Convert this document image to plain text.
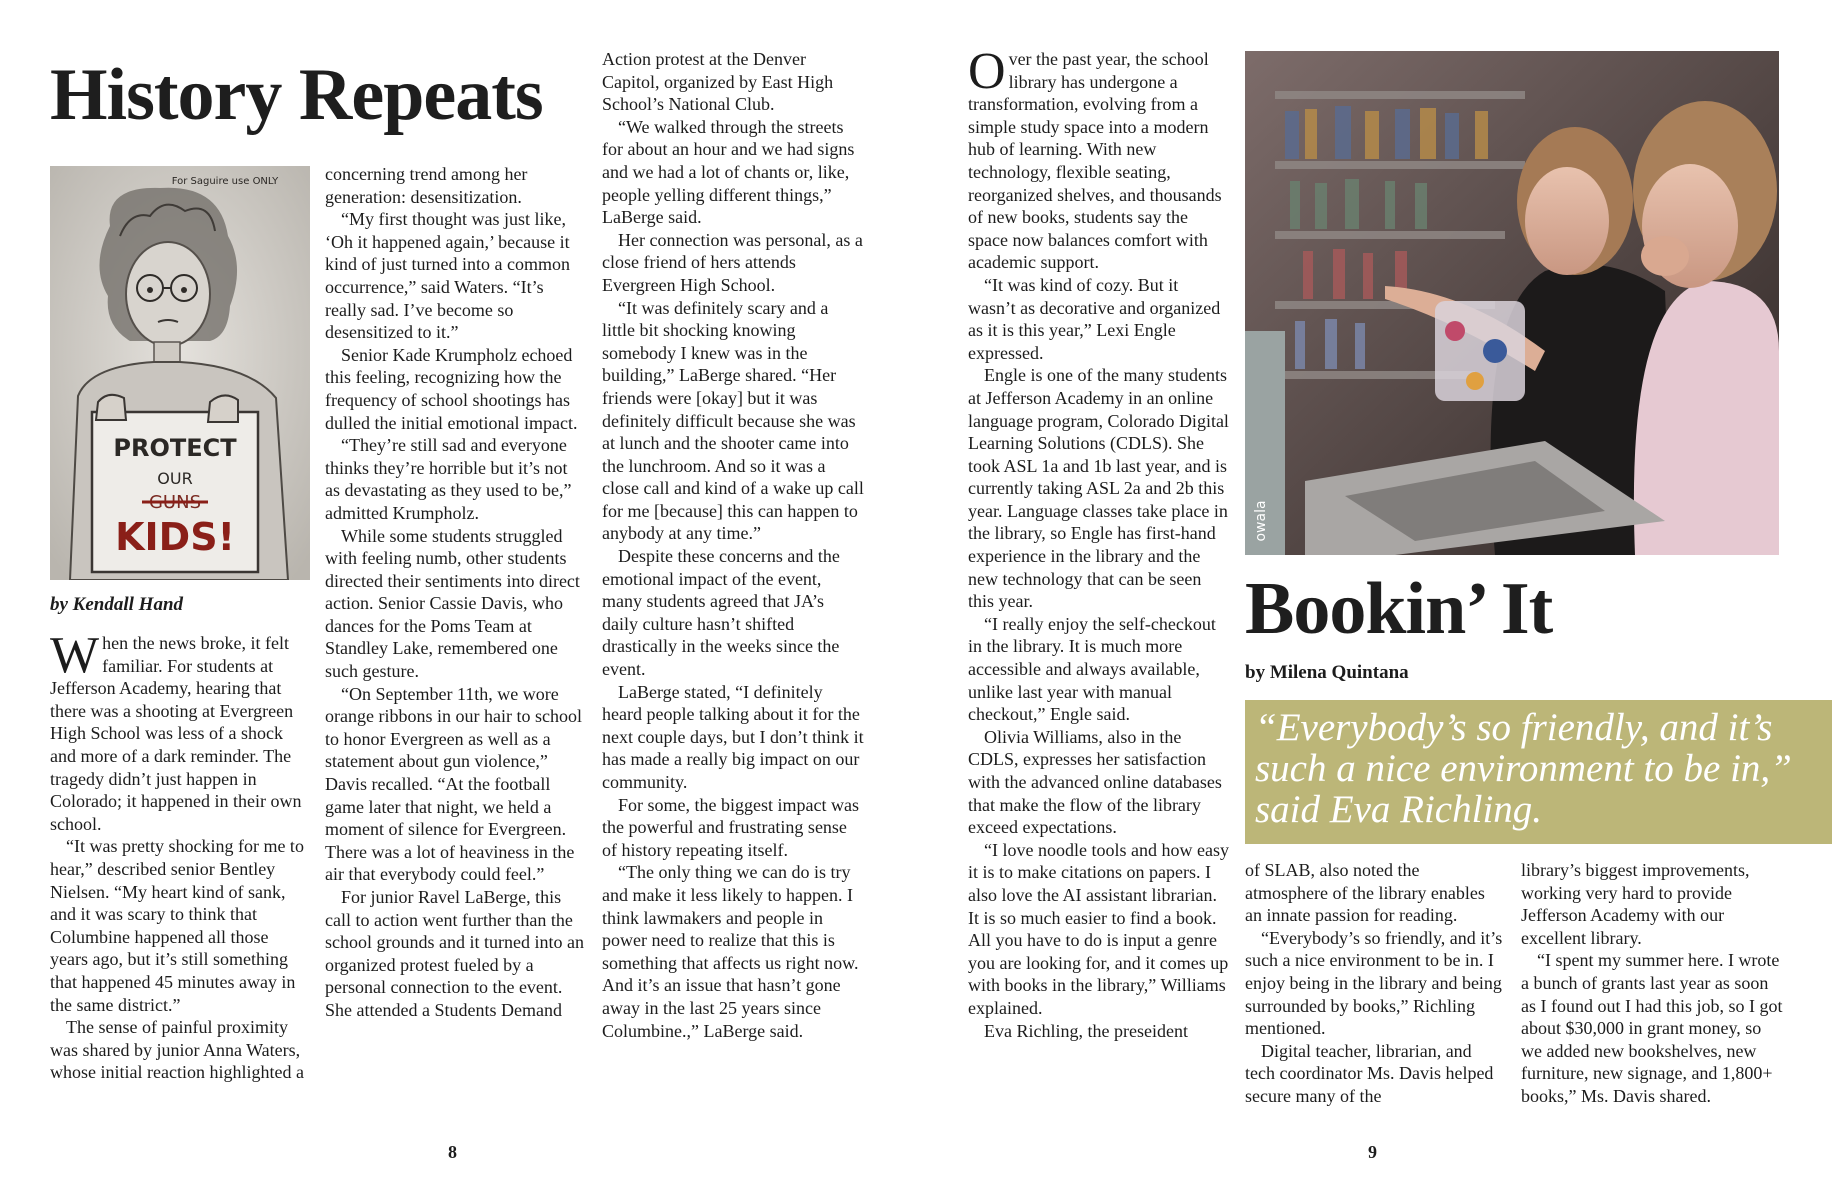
History Repeats
For Saguire use ONLY
PROTECT
OUR
GUNS
KIDS!
by Kendall Hand
W hen the news broke, it felt familiar. For students at Jefferson Academy, hearing that there was a shooting at Evergreen High School was less of a shock and more of a dark reminder. The tragedy didn’t just happen in Colorado; it happened in their own school.

“It was pretty shocking for me to hear,” described senior Bentley Nielsen. “My heart kind of sank, and it was scary to think that Columbine happened all those years ago, but it’s still something that happened 45 minutes away in the same district.”

The sense of painful proximity was shared by junior Anna Waters, whose initial reaction highlighted a

concerning trend among her generation: desensitization.

“My first thought was just like, ‘Oh it happened again,’ because it kind of just turned into a common occurrence,” said Waters. “It’s really sad. I’ve become so desensitized to it.”

Senior Kade Krumpholz echoed this feeling, recognizing how the frequency of school shootings has dulled the initial emotional impact.

“They’re still sad and everyone thinks they’re horrible but it’s not as devastating as they used to be,” admitted Krumpholz.

While some students struggled with feeling numb, other students directed their sentiments into direct action. Senior Cassie Davis, who dances for the Poms Team at Standley Lake, remembered one such gesture.

“On September 11th, we wore orange ribbons in our hair to school to honor Evergreen as well as a statement about gun violence,” Davis recalled. “At the football game later that night, we held a moment of silence for Evergreen. There was a lot of heaviness in the air that everybody could feel.”

For junior Ravel LaBerge, this call to action went further than the school grounds and it turned into an organized protest fueled by a personal connection to the event. She attended a Students Demand

Action protest at the Denver Capitol, organized by East High School’s National Club.

“We walked through the streets for about an hour and we had signs and we had a lot of chants or, like, people yelling different things,” LaBerge said.

Her connection was personal, as a close friend of hers attends Evergreen High School.

“It was definitely scary and a little bit shocking knowing somebody I knew was in the building,” LaBerge shared. “Her friends were [okay] but it was definitely difficult because she was at lunch and the shooter came into the lunchroom. And so it was a close call and kind of a wake up call for me [because] this can happen to anybody at any time.”

Despite these concerns and the emotional impact of the event, many students agreed that JA’s daily culture hasn’t shifted drastically in the weeks since the event.

LaBerge stated, “I definitely heard people talking about it for the next couple days, but I don’t think it has made a really big impact on our community.

For some, the biggest impact was the powerful and frustrating sense of history repeating itself.

“The only thing we can do is try and make it less likely to happen. I think lawmakers and people in power need to realize that this is something that affects us right now. And it’s an issue that hasn’t gone away in the last 25 years since Columbine.,” LaBerge said.

8
O ver the past year, the school library has undergone a transformation, evolving from a simple study space into a modern hub of learning. With new technology, flexible seating, reorganized shelves, and thousands of new books, students say the space now balances comfort with academic support.

“It was kind of cozy. But it wasn’t as decorative and organized as it is this year,” Lexi Engle expressed.

Engle is one of the many students at Jefferson Academy in an online language program, Colorado Digital Learning Solutions (CDLS). She took ASL 1a and 1b last year, and is currently taking ASL 2a and 2b this year. Language classes take place in the library, so Engle has first-hand experience in the library and the new technology that can be seen this year.

“I really enjoy the self-checkout in the library. It is much more accessible and always available, unlike last year with manual checkout,” Engle said.

Olivia Williams, also in the CDLS, expresses her satisfaction with the advanced online databases that make the flow of the library exceed expectations.

“I love noodle tools and how easy it is to make citations on papers. I also love the AI assistant librarian. It is so much easier to find a book. All you have to do is input a genre you are looking for, and it comes up with books in the library,” Williams explained.

Eva Richling, the preseident

owala
Bookin’ It
by Milena Quintana
“Everybody’s so friendly, and it’s such a nice environment to be in,” said Eva Richling.

of SLAB, also noted the atmosphere of the library enables an innate passion for reading.

“Everybody’s so friendly, and it’s such a nice environment to be in. I enjoy being in the library and being surrounded by books,” Richling mentioned.

Digital teacher, librarian, and tech coordinator Ms. Davis helped secure many of the

library’s biggest improvements, working very hard to provide Jefferson Academy with our excellent library.

“I spent my summer here. I wrote a bunch of grants last year as soon as I found out I had this job, so I got about $30,000 in grant money, so we added new bookshelves, new furniture, new signage, and 1,800+ books,” Ms. Davis shared.

9
